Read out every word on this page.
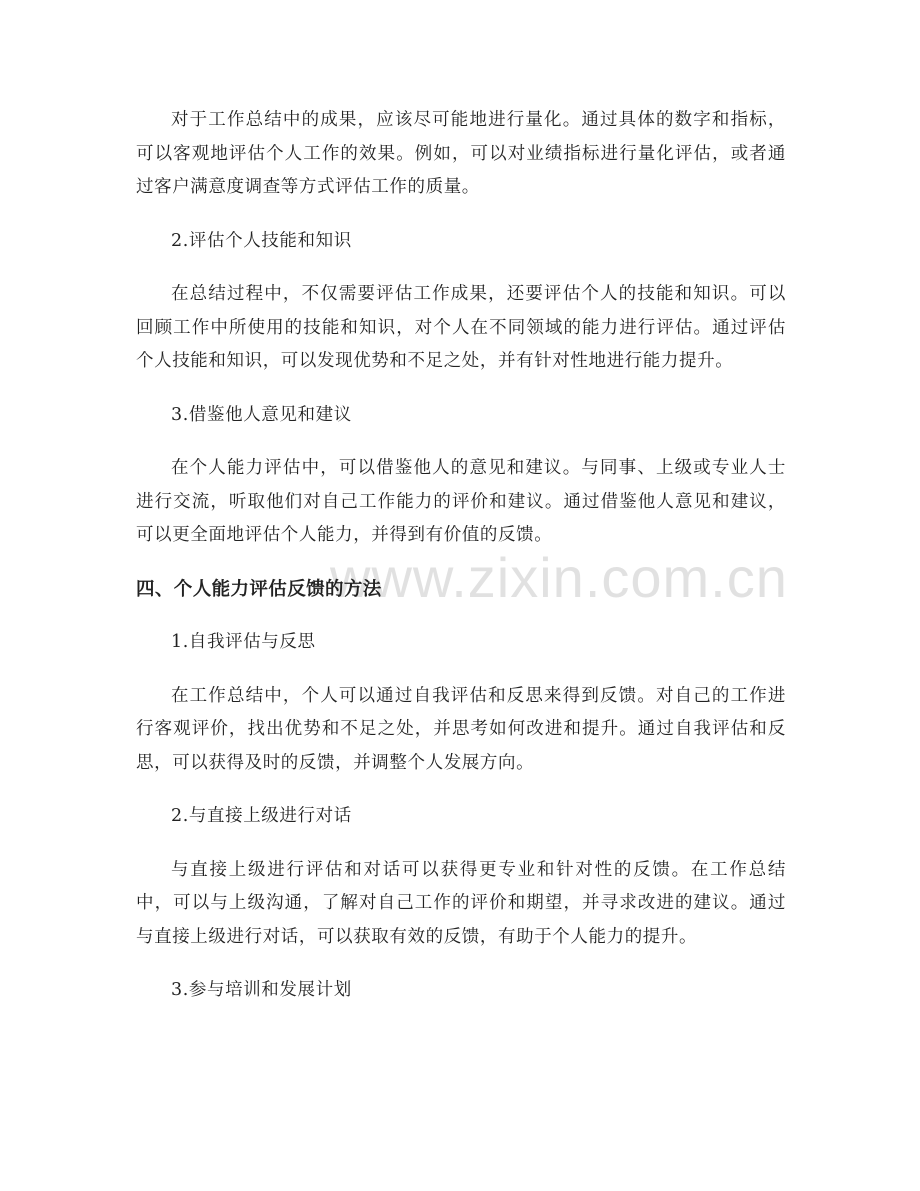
www.zixin.com.cn

对于工作总结中的成果，应该尽可能地进行量化。通过具体的数字和指标，可以客观地评估个人工作的效果。例如，可以对业绩指标进行量化评估，或者通过客户满意度调查等方式评估工作的质量。

2.评估个人技能和知识

在总结过程中，不仅需要评估工作成果，还要评估个人的技能和知识。可以回顾工作中所使用的技能和知识，对个人在不同领域的能力进行评估。通过评估个人技能和知识，可以发现优势和不足之处，并有针对性地进行能力提升。

3.借鉴他人意见和建议

在个人能力评估中，可以借鉴他人的意见和建议。与同事、上级或专业人士进行交流，听取他们对自己工作能力的评价和建议。通过借鉴他人意见和建议，可以更全面地评估个人能力，并得到有价值的反馈。

四、个人能力评估反馈的方法

1.自我评估与反思

在工作总结中，个人可以通过自我评估和反思来得到反馈。对自己的工作进行客观评价，找出优势和不足之处，并思考如何改进和提升。通过自我评估和反思，可以获得及时的反馈，并调整个人发展方向。

2.与直接上级进行对话

与直接上级进行评估和对话可以获得更专业和针对性的反馈。在工作总结中，可以与上级沟通，了解对自己工作的评价和期望，并寻求改进的建议。通过与直接上级进行对话，可以获取有效的反馈，有助于个人能力的提升。

3.参与培训和发展计划
